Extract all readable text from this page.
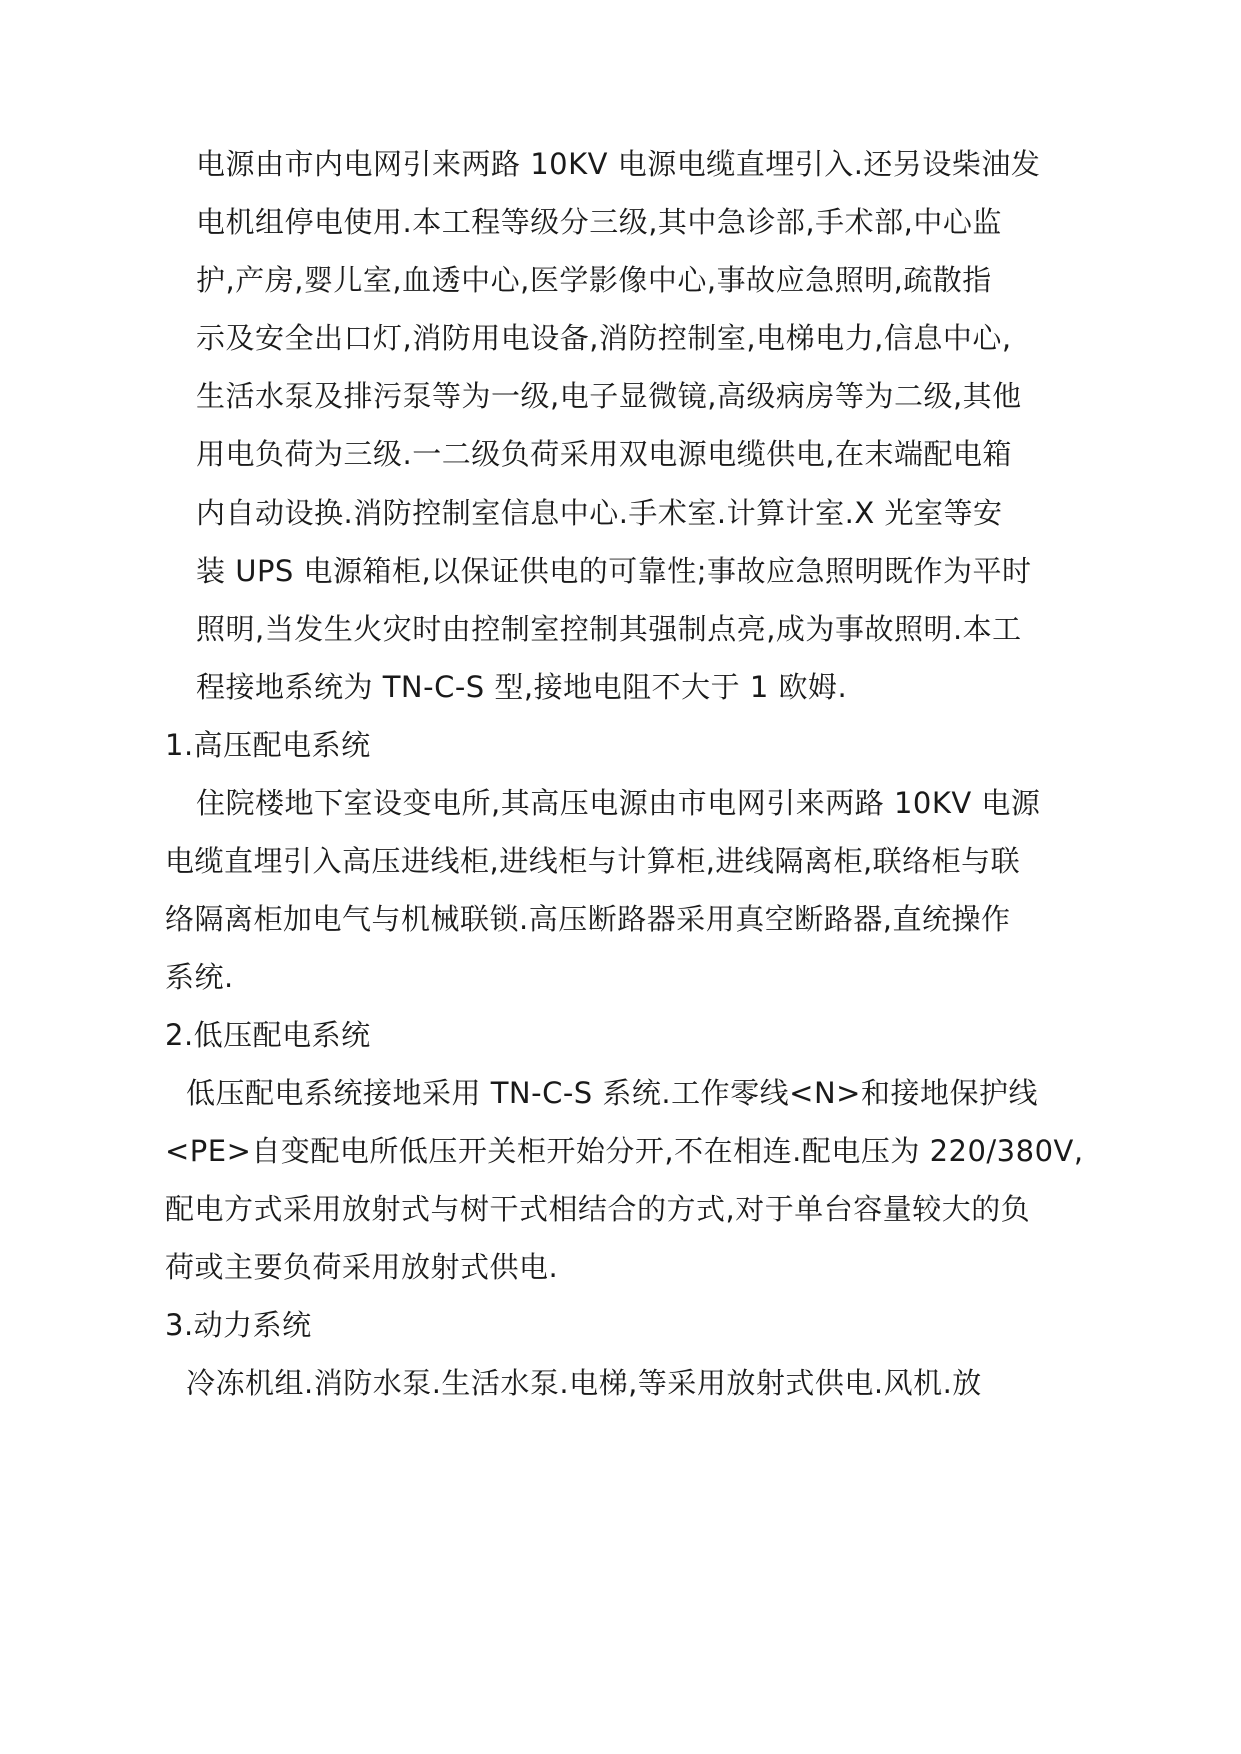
电源由市内电网引来两路 10KV 电源电缆直埋引入.还另设柴油发
电机组停电使用.本工程等级分三级,其中急诊部,手术部,中心监
护,产房,婴儿室,血透中心,医学影像中心,事故应急照明,疏散指
示及安全出口灯,消防用电设备,消防控制室,电梯电力,信息中心,
生活水泵及排污泵等为一级,电子显微镜,高级病房等为二级,其他
用电负荷为三级.一二级负荷采用双电源电缆供电,在末端配电箱
内自动设换.消防控制室信息中心.手术室.计算计室.X 光室等安
装 UPS 电源箱柜,以保证供电的可靠性;事故应急照明既作为平时
照明,当发生火灾时由控制室控制其强制点亮,成为事故照明.本工
程接地系统为 TN-C-S 型,接地电阻不大于 1 欧姆.
1.高压配电系统
住院楼地下室设变电所,其高压电源由市电网引来两路 10KV 电源
电缆直埋引入高压进线柜,进线柜与计算柜,进线隔离柜,联络柜与联
络隔离柜加电气与机械联锁.高压断路器采用真空断路器,直统操作
系统.
2.低压配电系统
低压配电系统接地采用 TN-C-S 系统.工作零线<N>和接地保护线
<PE>自变配电所低压开关柜开始分开,不在相连.配电压为 220/380V,
配电方式采用放射式与树干式相结合的方式,对于单台容量较大的负
荷或主要负荷采用放射式供电.
3.动力系统
冷冻机组.消防水泵.生活水泵.电梯,等采用放射式供电.风机.放
